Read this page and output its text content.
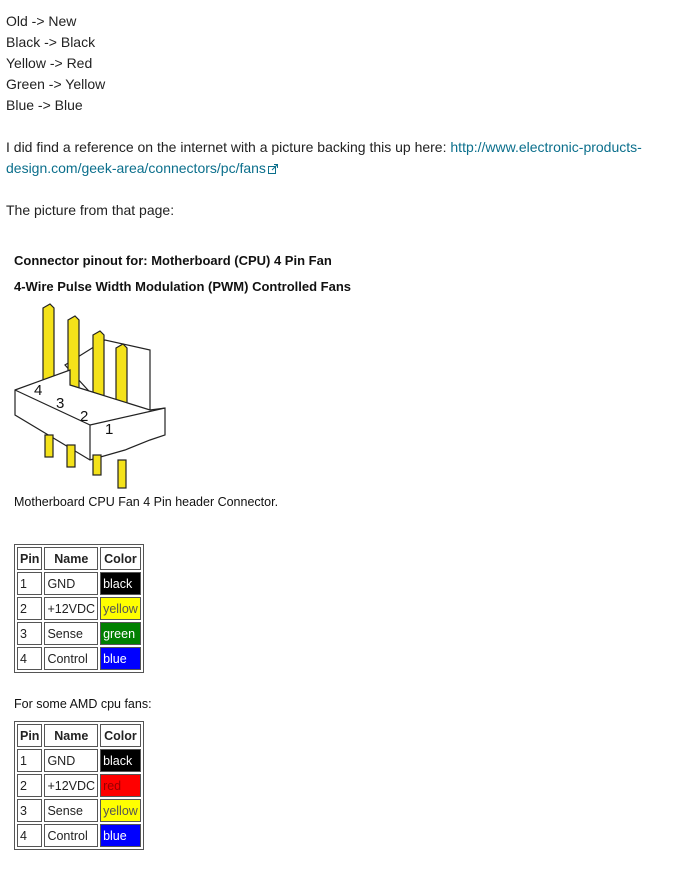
Old -> New
Black -> Black
Yellow -> Red
Green -> Yellow
Blue -> Blue
I did find a reference on the internet with a picture backing this up here: http://www.electronic-products-design.com/geek-area/connectors/pc/fans
The picture from that page:
Connector pinout for: Motherboard (CPU) 4 Pin Fan
4-Wire Pulse Width Modulation (PWM) Controlled Fans
4
3
2
1
Motherboard CPU Fan 4 Pin header Connector.
Pin	Name	Color
1	GND	black
2	+12VDC	yellow
3	Sense	green
4	Control	blue
For some AMD cpu fans:
Pin	Name	Color
1	GND	black
2	+12VDC	red
3	Sense	yellow
4	Control	blue
